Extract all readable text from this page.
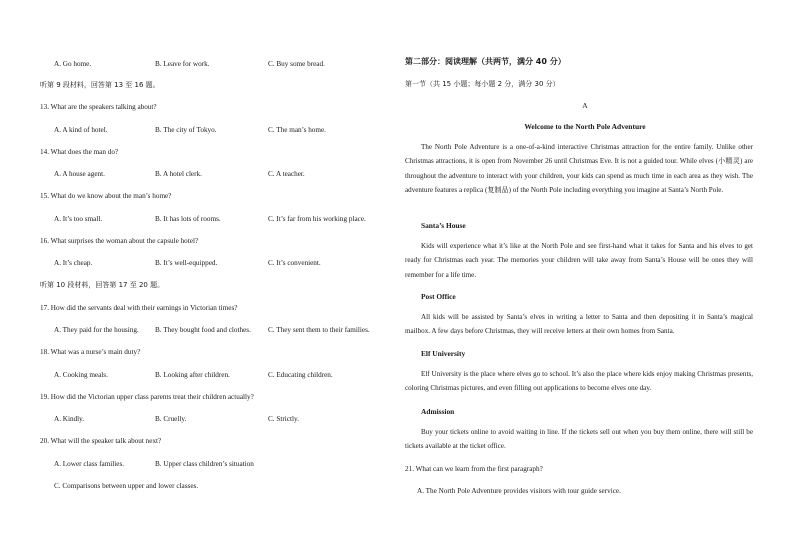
A. Go home.	B. Leave for work.	C. Buy some bread.
听第 9 段材料，回答第 13 至 16 题。
13. What are the speakers talking about?
A. A kind of hotel.	B. The city of Tokyo.	C. The man’s home.
14. What does the man do?
A. A house agent.	B. A hotel clerk.	C. A teacher.
15. What do we know about the man’s home?
A. It’s too small.	B. It has lots of rooms.	C. It’s far from his working place.
16. What surprises the woman about the capsule hotel?
A. It’s cheap.	B. It’s well-equipped.	C. It’s convenient.
听第 10 段材料，回答第 17 至 20 题。
17. How did the servants deal with their earnings in Victorian times?
A. They paid for the housing. B. They bought food and clothes. C. They sent them to their families.
18. What was a nurse’s main duty?
A. Cooking meals.	B. Looking after children.	C. Educating children.
19. How did the Victorian upper class parents treat their children actually?
A. Kindly.	B. Cruelly.	C. Strictly.
20. What will the speaker talk about next?
A. Lower class families.	B. Upper class children’s situation
C. Comparisons between upper and lower classes.
第二部分：阅读理解（共两节，满分 40 分）
第一节（共 15 小题；每小题 2 分，满分 30 分）
A
Welcome to the North Pole Adventure

The North Pole Adventure is a one-of-a-kind interactive Christmas attraction for the entire family. Unlike other Christmas attractions, it is open from November 26 until Christmas Eve. It is not a guided tour. While elves (小精灵) are throughout the adventure to interact with your children, your kids can spend as much time in each area as they wish. The adventure features a replica (复制品) of the North Pole including everything you imagine at Santa’s North Pole.

Santa’s House

Kids will experience what it’s like at the North Pole and see first-hand what it takes for Santa and his elves to get ready for Christmas each year. The memories your children will take away from Santa’s House will be ones they will remember for a life time.

Post Office

All kids will be assisted by Santa’s elves in writing a letter to Santa and then depositing it in Santa’s magical mailbox. A few days before Christmas, they will receive letters at their own homes from Santa.

Elf University

Elf University is the place where elves go to school. It’s also the place where kids enjoy making Christmas presents, coloring Christmas pictures, and even filling out applications to become elves one day.

Admission

Buy your tickets online to avoid waiting in line. If the tickets sell out when you buy them online, there will still be tickets available at the ticket office.

21. What can we learn from the first paragraph?
A. The North Pole Adventure provides visitors with tour guide service.
